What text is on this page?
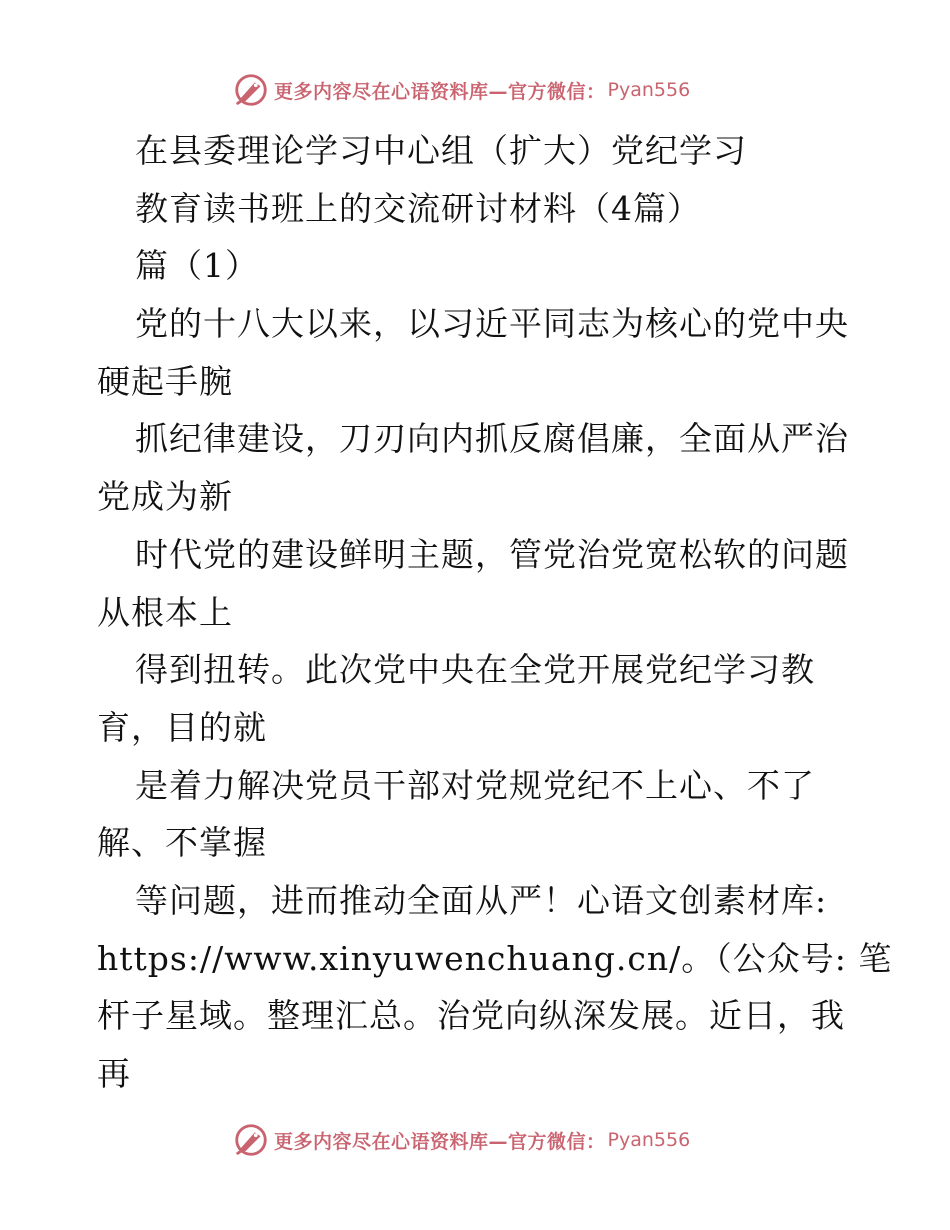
更多内容尽在心语资料库—官方微信： Pyan556
在县委理论学习中心组（扩大）党纪学习
教育读书班上的交流研讨材料（4篇）
篇（1）
党的十八大以来，以习近平同志为核心的党中央
硬起手腕
抓纪律建设，刀刃向内抓反腐倡廉，全面从严治
党成为新
时代党的建设鲜明主题，管党治党宽松软的问题
从根本上
得到扭转。此次党中央在全党开展党纪学习教
育，目的就
是着力解决党员干部对党规党纪不上心、不了
解、不掌握
等问题，进而推动全面从严！心语文创素材库:
https://www.xinyuwenchuang.cn/。（公众号: 笔
杆子星域。整理汇总。治党向纵深发展。近日，我
再
更多内容尽在心语资料库—官方微信： Pyan556
